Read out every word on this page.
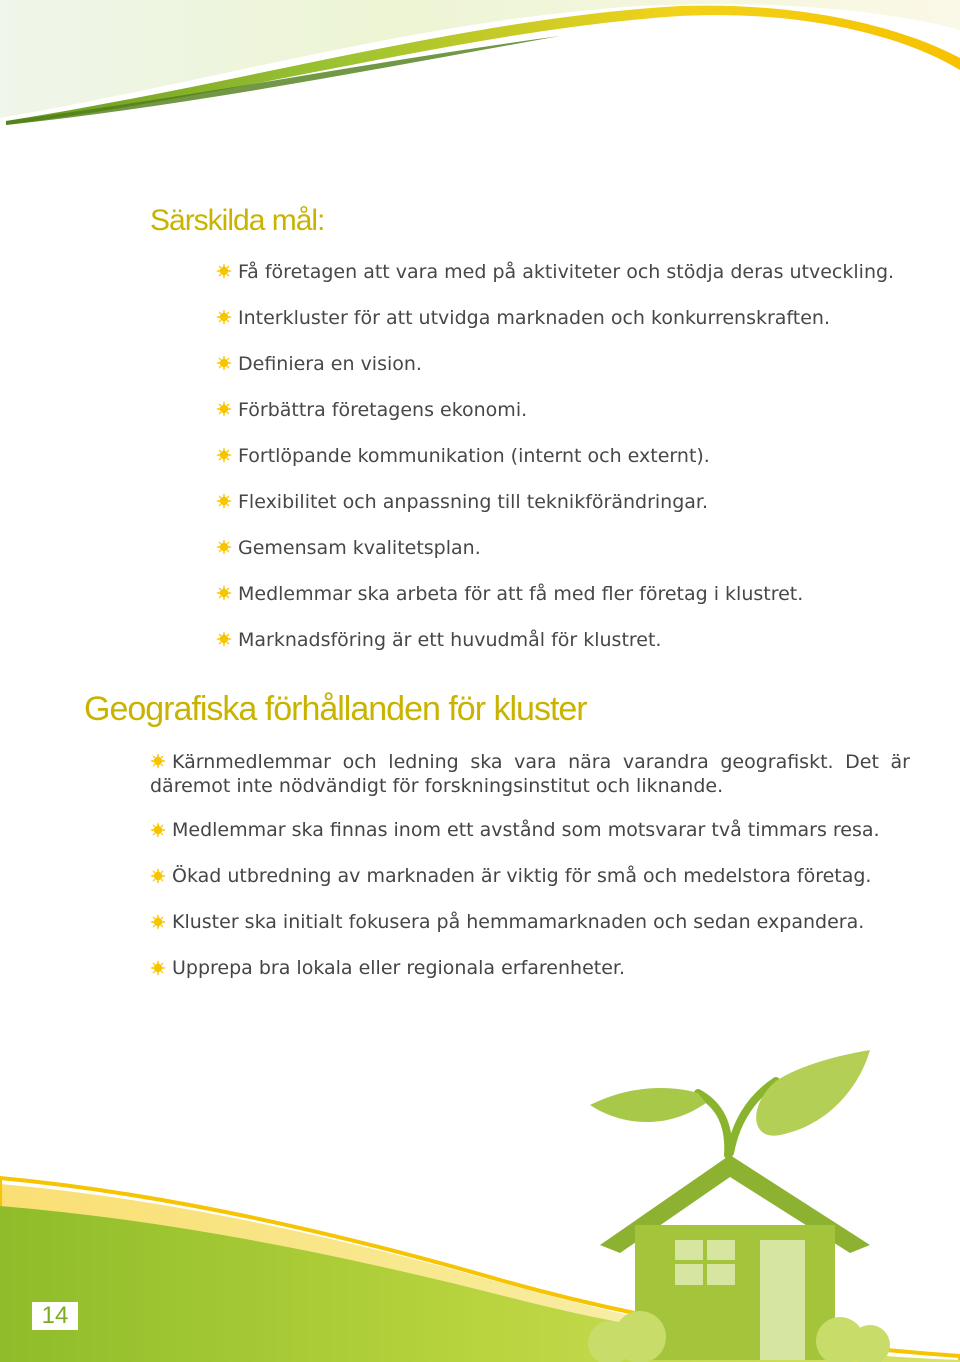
Särskilda mål:
Få företagen att vara med på aktiviteter och stödja deras utveckling.
Interkluster för att utvidga marknaden och konkurrenskraften.
Definiera en vision.
Förbättra företagens ekonomi.
Fortlöpande kommunikation (internt och externt).
Flexibilitet och anpassning till teknikförändringar.
Gemensam kvalitetsplan.
Medlemmar ska arbeta för att få med fler företag i klustret.
Marknadsföring är ett huvudmål för klustret.
Geografiska förhållanden för kluster
Kärnmedlemmar och ledning ska vara nära varandra geografiskt. Det är däremot inte nödvändigt för forskningsinstitut och liknande.
Medlemmar ska finnas inom ett avstånd som motsvarar två timmars resa.
Ökad utbredning av marknaden är viktig för små och medelstora företag.
Kluster ska initialt fokusera på hemmamarknaden och sedan expandera.
Upprepa bra lokala eller regionala erfarenheter.
14
